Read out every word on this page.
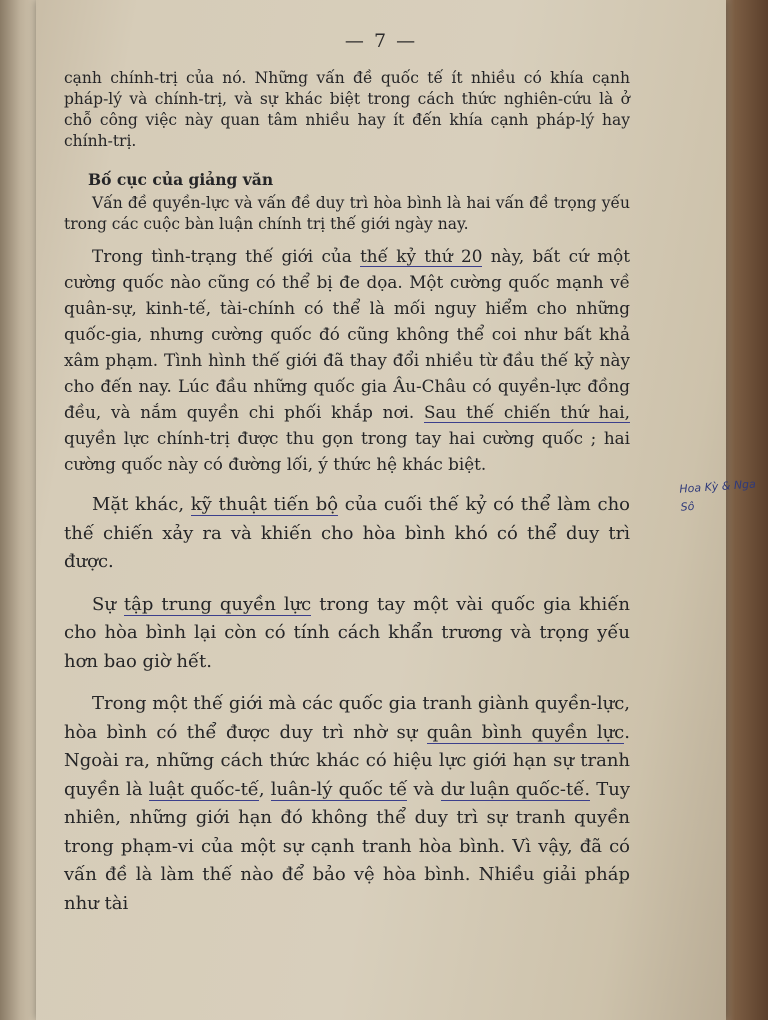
— 7 —

cạnh chính-trị của nó. Những vấn đề quốc tế ít nhiều có khía cạnh pháp-lý và chính-trị, và sự khác biệt trong cách thức nghiên-cứu là ở chỗ công việc này quan tâm nhiều hay ít đến khía cạnh pháp-lý hay chính-trị.

Bố cục của giảng văn

Vấn đề quyền-lực và vấn đề duy trì hòa bình là hai vấn đề trọng yếu trong các cuộc bàn luận chính trị thế giới ngày nay.

Trong tình-trạng thế giới của thế kỷ thứ 20 này, bất cứ một cường quốc nào cũng có thể bị đe dọa. Một cường quốc mạnh về quân-sự, kinh-tế, tài-chính có thể là mối nguy hiểm cho những quốc-gia, nhưng cường quốc đó cũng không thể coi như bất khả xâm phạm. Tình hình thế giới đã thay đổi nhiều từ đầu thế kỷ này cho đến nay. Lúc đầu những quốc gia Âu-Châu có quyền-lực đồng đều, và nắm quyền chi phối khắp nơi. Sau thế chiến thứ hai, quyền lực chính-trị được thu gọn trong tay hai cường quốc ; hai cường quốc này có đường lối, ý thức hệ khác biệt.

Mặt khác, kỹ thuật tiến bộ của cuối thế kỷ có thể làm cho thế chiến xảy ra và khiến cho hòa bình khó có thể duy trì được.

Sự tập trung quyền lực trong tay một vài quốc gia khiến cho hòa bình lại còn có tính cách khẩn trương và trọng yếu hơn bao giờ hết.

Trong một thế giới mà các quốc gia tranh giành quyền-lực, hòa bình có thể được duy trì nhờ sự quân bình quyền lực. Ngoài ra, những cách thức khác có hiệu lực giới hạn sự tranh quyền là luật quốc-tế, luân-lý quốc tế và dư luận quốc-tế. Tuy nhiên, những giới hạn đó không thể duy trì sự tranh quyền trong phạm-vi của một sự cạnh tranh hòa bình. Vì vậy, đã có vấn đề là làm thế nào để bảo vệ hòa bình. Nhiều giải pháp như tài

Hoa Kỳ & Nga Sô
